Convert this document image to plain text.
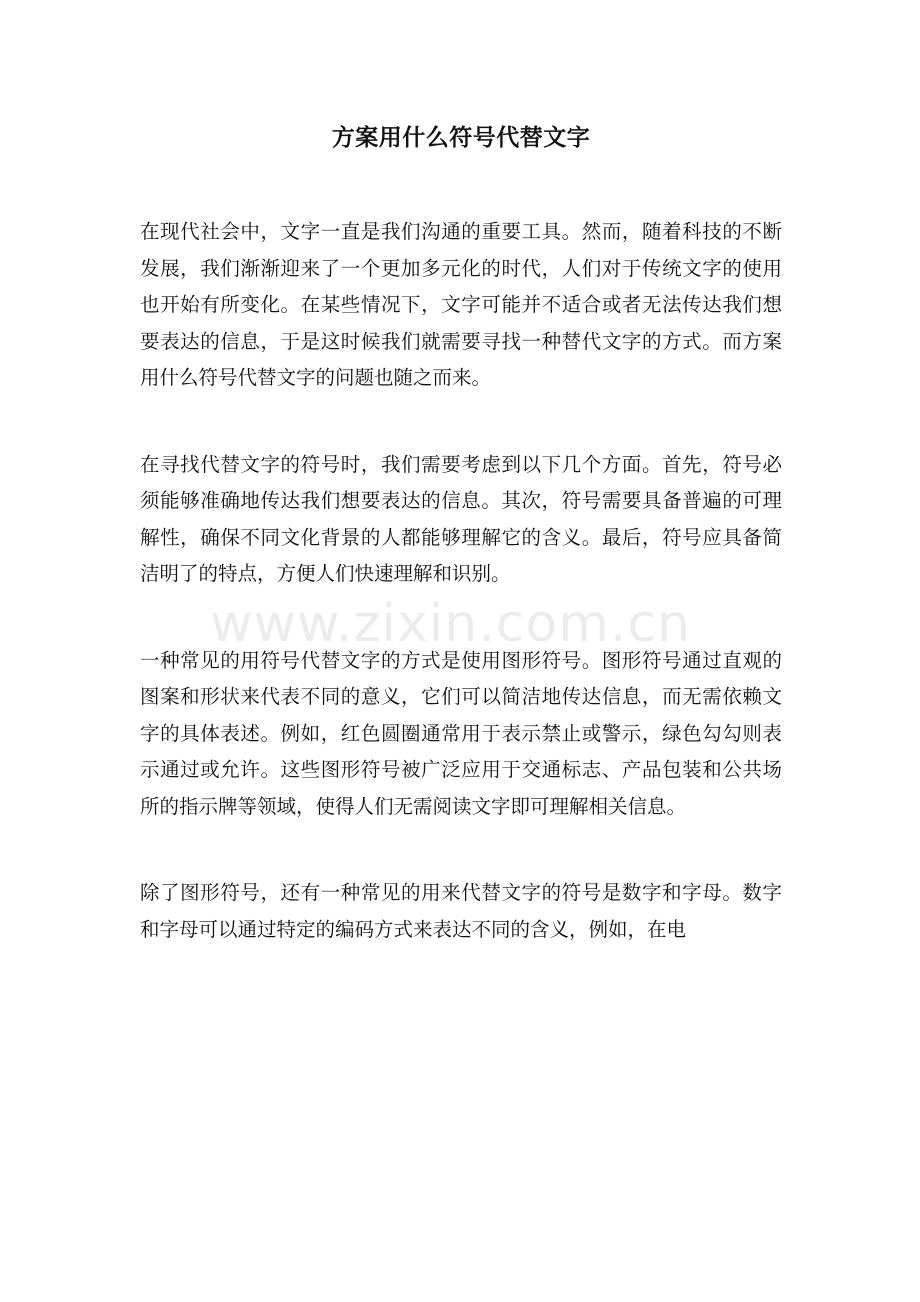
方案用什么符号代替文字

在现代社会中，文字一直是我们沟通的重要工具。然而，随着科技的不断发展，我们渐渐迎来了一个更加多元化的时代，人们对于传统文字的使用也开始有所变化。在某些情况下，文字可能并不适合或者无法传达我们想要表达的信息，于是这时候我们就需要寻找一种替代文字的方式。而方案用什么符号代替文字的问题也随之而来。

在寻找代替文字的符号时，我们需要考虑到以下几个方面。首先，符号必须能够准确地传达我们想要表达的信息。其次，符号需要具备普遍的可理解性，确保不同文化背景的人都能够理解它的含义。最后，符号应具备简洁明了的特点，方便人们快速理解和识别。

一种常见的用符号代替文字的方式是使用图形符号。图形符号通过直观的图案和形状来代表不同的意义，它们可以简洁地传达信息，而无需依赖文字的具体表述。例如，红色圆圈通常用于表示禁止或警示，绿色勾勾则表示通过或允许。这些图形符号被广泛应用于交通标志、产品包装和公共场所的指示牌等领域，使得人们无需阅读文字即可理解相关信息。

除了图形符号，还有一种常见的用来代替文字的符号是数字和字母。数字和字母可以通过特定的编码方式来表达不同的含义，例如，在电

www.zixin.com.cn
